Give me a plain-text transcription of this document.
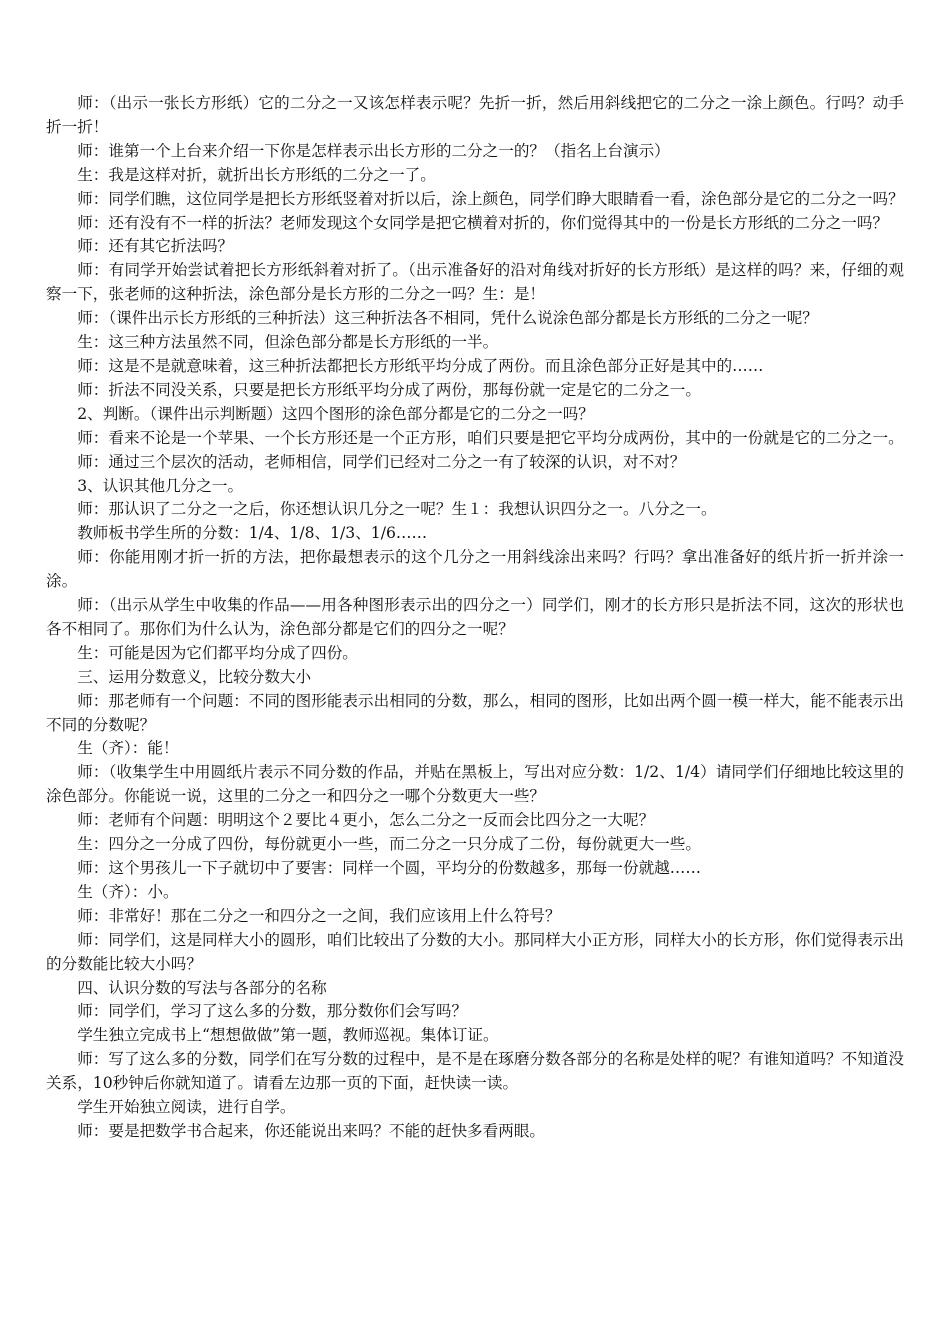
师：（出示一张长方形纸）它的二分之一又该怎样表示呢？先折一折，然后用斜线把它的二分之一涂上颜色。行吗？动手折一折！

师：谁第一个上台来介绍一下你是怎样表示出长方形的二分之一的？（指名上台演示）

生：我是这样对折，就折出长方形纸的二分之一了。

师：同学们瞧，这位同学是把长方形纸竖着对折以后，涂上颜色，同学们睁大眼睛看一看，涂色部分是它的二分之一吗？

师：还有没有不一样的折法？老师发现这个女同学是把它横着对折的，你们觉得其中的一份是长方形纸的二分之一吗？

师：还有其它折法吗？

师：有同学开始尝试着把长方形纸斜着对折了。（出示准备好的沿对角线对折好的长方形纸）是这样的吗？来，仔细的观察一下，张老师的这种折法，涂色部分是长方形的二分之一吗？生：是！

师：（课件出示长方形纸的三种折法）这三种折法各不相同，凭什么说涂色部分都是长方形纸的二分之一呢？

生：这三种方法虽然不同，但涂色部分都是长方形纸的一半。

师：这是不是就意味着，这三种折法都把长方形纸平均分成了两份。而且涂色部分正好是其中的……

师：折法不同没关系，只要是把长方形纸平均分成了两份，那每份就一定是它的二分之一。

2、判断。（课件出示判断题）这四个图形的涂色部分都是它的二分之一吗？

师：看来不论是一个苹果、一个长方形还是一个正方形，咱们只要是把它平均分成两份，其中的一份就是它的二分之一。

师：通过三个层次的活动，老师相信，同学们已经对二分之一有了较深的认识，对不对？

3、认识其他几分之一。

师：那认识了二分之一之后，你还想认识几分之一呢？生１：我想认识四分之一。八分之一。

教师板书学生所的分数：1/4、1/8、1/3、1/6……

师：你能用刚才折一折的方法，把你最想表示的这个几分之一用斜线涂出来吗？行吗？拿出准备好的纸片折一折并涂一涂。

师：（出示从学生中收集的作品——用各种图形表示出的四分之一）同学们，刚才的长方形只是折法不同，这次的形状也各不相同了。那你们为什么认为，涂色部分都是它们的四分之一呢？

生：可能是因为它们都平均分成了四份。

三、运用分数意义，比较分数大小

师：那老师有一个问题：不同的图形能表示出相同的分数，那么，相同的图形，比如出两个圆一模一样大，能不能表示出不同的分数呢？

生（齐）：能！

师：（收集学生中用圆纸片表示不同分数的作品，并贴在黑板上，写出对应分数：1/2、1/4）请同学们仔细地比较这里的涂色部分。你能说一说，这里的二分之一和四分之一哪个分数更大一些？

师：老师有个问题：明明这个２要比４更小，怎么二分之一反而会比四分之一大呢？

生：四分之一分成了四份，每份就更小一些，而二分之一只分成了二份，每份就更大一些。

师：这个男孩儿一下子就切中了要害：同样一个圆，平均分的份数越多，那每一份就越……

生（齐）：小。

师：非常好！那在二分之一和四分之一之间，我们应该用上什么符号？

师：同学们，这是同样大小的圆形，咱们比较出了分数的大小。那同样大小正方形，同样大小的长方形，你们觉得表示出的分数能比较大小吗？

四、认识分数的写法与各部分的名称

师：同学们，学习了这么多的分数，那分数你们会写吗？

学生独立完成书上“想想做做”第一题，教师巡视。集体订证。

师：写了这么多的分数，同学们在写分数的过程中，是不是在琢磨分数各部分的名称是处样的呢？有谁知道吗？不知道没关系，10秒钟后你就知道了。请看左边那一页的下面，赶快读一读。

学生开始独立阅读，进行自学。

师：要是把数学书合起来，你还能说出来吗？不能的赶快多看两眼。
